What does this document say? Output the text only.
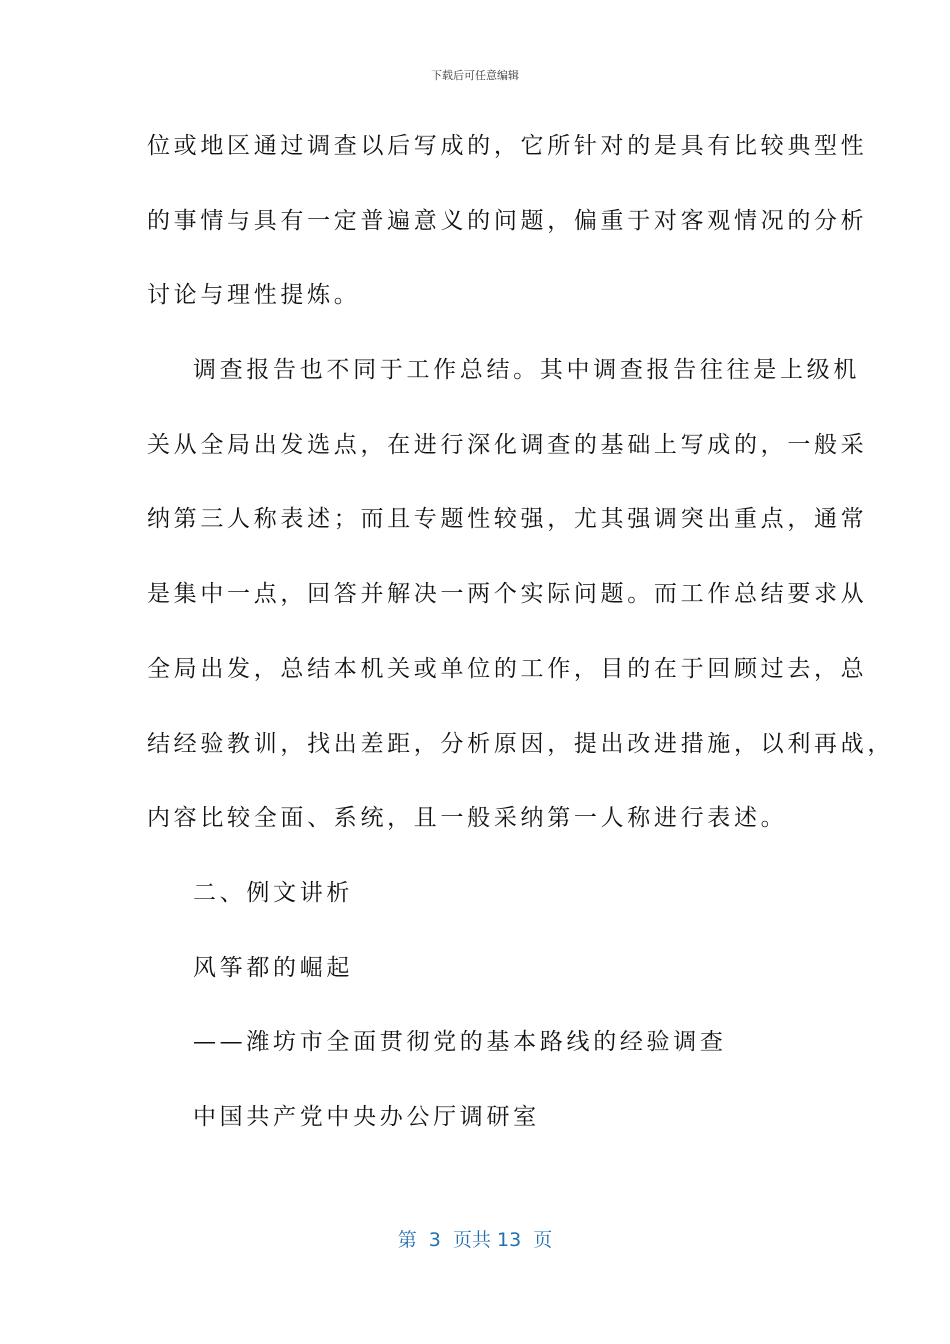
下载后可任意编辑
位或地区通过调查以后写成的，它所针对的是具有比较典型性
的事情与具有一定普遍意义的问题，偏重于对客观情况的分析
讨论与理性提炼。
调查报告也不同于工作总结。其中调查报告往往是上级机
关从全局出发选点，在进行深化调查的基础上写成的，一般采
纳第三人称表述；而且专题性较强，尤其强调突出重点，通常
是集中一点，回答并解决一两个实际问题。而工作总结要求从
全局出发，总结本机关或单位的工作，目的在于回顾过去，总
结经验教训，找出差距，分析原因，提出改进措施，以利再战，
内容比较全面、系统，且一般采纳第一人称进行表述。
二、例文讲析
风筝都的崛起
——潍坊市全面贯彻党的基本路线的经验调查
中国共产党中央办公厅调研室
第  3  页共 13  页
